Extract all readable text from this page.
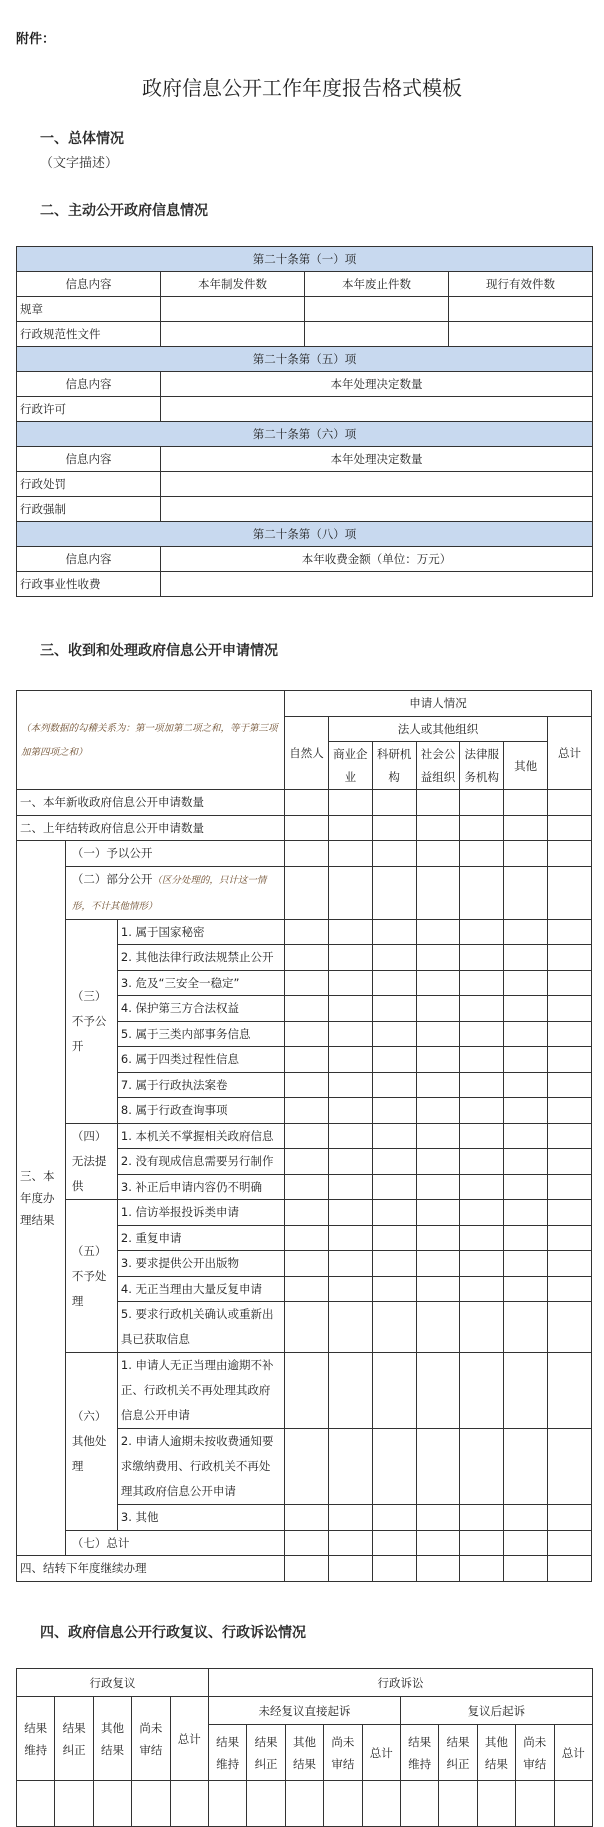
附件：
政府信息公开工作年度报告格式模板
一、总体情况
（文字描述）
二、主动公开政府信息情况
第二十条第（一）项			
信息内容	本年制发件数	本年废止件数	现行有效件数
规章			
行政规范性文件			
第二十条第（五）项			
信息内容	本年处理决定数量		
行政许可			
第二十条第（六）项			
信息内容	本年处理决定数量		
行政处罚			
行政强制			
第二十条第（八）项			
信息内容	本年收费金额（单位：万元）		
行政事业性收费			
三、收到和处理政府信息公开申请情况
（本列数据的勾稽关系为：第一项加第二项之和，等于第三项加第四项之和）			申请人情况						
			自然人	法人或其他组织					总计
				商业企业	科研机构	社会公益组织	法律服务机构	其他	
一、本年新收政府信息公开申请数量									
二、上年结转政府信息公开申请数量									
三、本年度办理结果	（一）予以公开								
	（二）部分公开（区分处理的，只计这一情形，不计其他情形）								
	（三）不予公开	1. 属于国家秘密							
		2. 其他法律行政法规禁止公开							
		3. 危及“三安全一稳定”							
		4. 保护第三方合法权益							
		5. 属于三类内部事务信息							
		6. 属于四类过程性信息							
		7. 属于行政执法案卷							
		8. 属于行政查询事项							
	（四）无法提供	1. 本机关不掌握相关政府信息							
		2. 没有现成信息需要另行制作							
		3. 补正后申请内容仍不明确							
	（五）不予处理	1. 信访举报投诉类申请							
		2. 重复申请							
		3. 要求提供公开出版物							
		4. 无正当理由大量反复申请							
		5. 要求行政机关确认或重新出具已获取信息							
	（六）其他处理	1. 申请人无正当理由逾期不补正、行政机关不再处理其政府信息公开申请							
		2. 申请人逾期未按收费通知要求缴纳费用、行政机关不再处理其政府信息公开申请							
		3. 其他							
	（七）总计								
四、结转下年度继续办理									
四、政府信息公开行政复议、行政诉讼情况
行政复议					行政诉讼									
结果维持	结果纠正	其他结果	尚未审结	总计	未经复议直接起诉					复议后起诉				
					结果维持	结果纠正	其他结果	尚未审结	总计	结果维持	结果纠正	其他结果	尚未审结	总计
